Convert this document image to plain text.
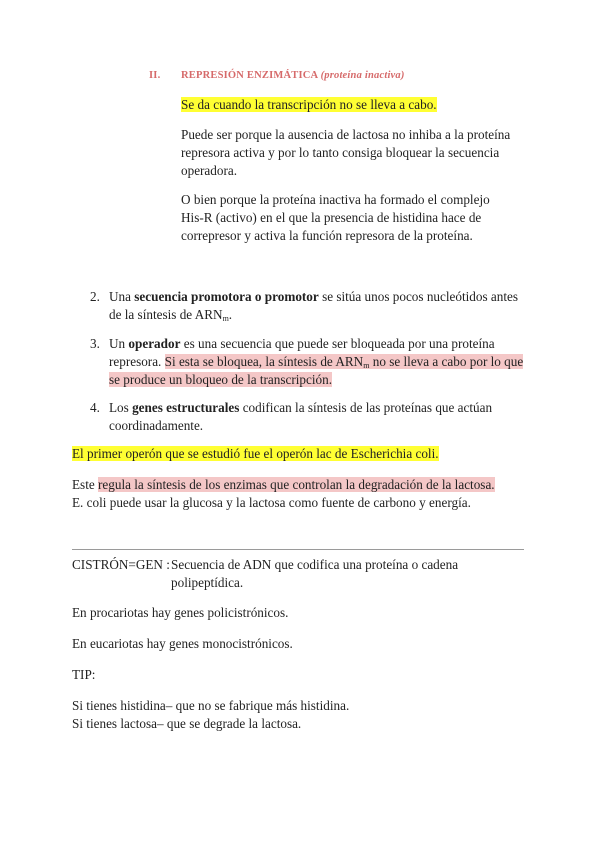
II. REPRESIÓN ENZIMÁTICA (proteína inactiva)
Se da cuando la transcripción no se lleva a cabo.
Puede ser porque la ausencia de lactosa no inhiba a la proteína
represora activa y por lo tanto consiga bloquear la secuencia
operadora.
O bien porque la proteína inactiva ha formado el complejo
His-R (activo) en el que la presencia de histidina hace de
correpresor y activa la función represora de la proteína.
2. Una secuencia promotora o promotor se sitúa unos pocos nucleótidos antes
de la síntesis de $ARN_m$.
3. Un operador es una secuencia que puede ser bloqueada por una proteína
represora. Si esta se bloquea, la síntesis de $ARN_m$ no se lleva a cabo por lo que
se produce un bloqueo de la transcripción.
4. Los genes estructurales codifican la síntesis de las proteínas que actúan
coordinadamente.
El primer operón que se estudió fue el operón lac de Escherichia coli.
Este regula la síntesis de los enzimas que controlan la degradación de la lactosa.
E. coli puede usar la glucosa y la lactosa como fuente de carbono y energía.
CISTRÓN=GEN : Secuencia de ADN que codifica una proteína o cadena
polipeptídica.
En procariotas hay genes policistrónicos.
En eucariotas hay genes monocistrónicos.
TIP:
Si tienes histidina– que no se fabrique más histidina.
Si tienes lactosa– que se degrade la lactosa.
